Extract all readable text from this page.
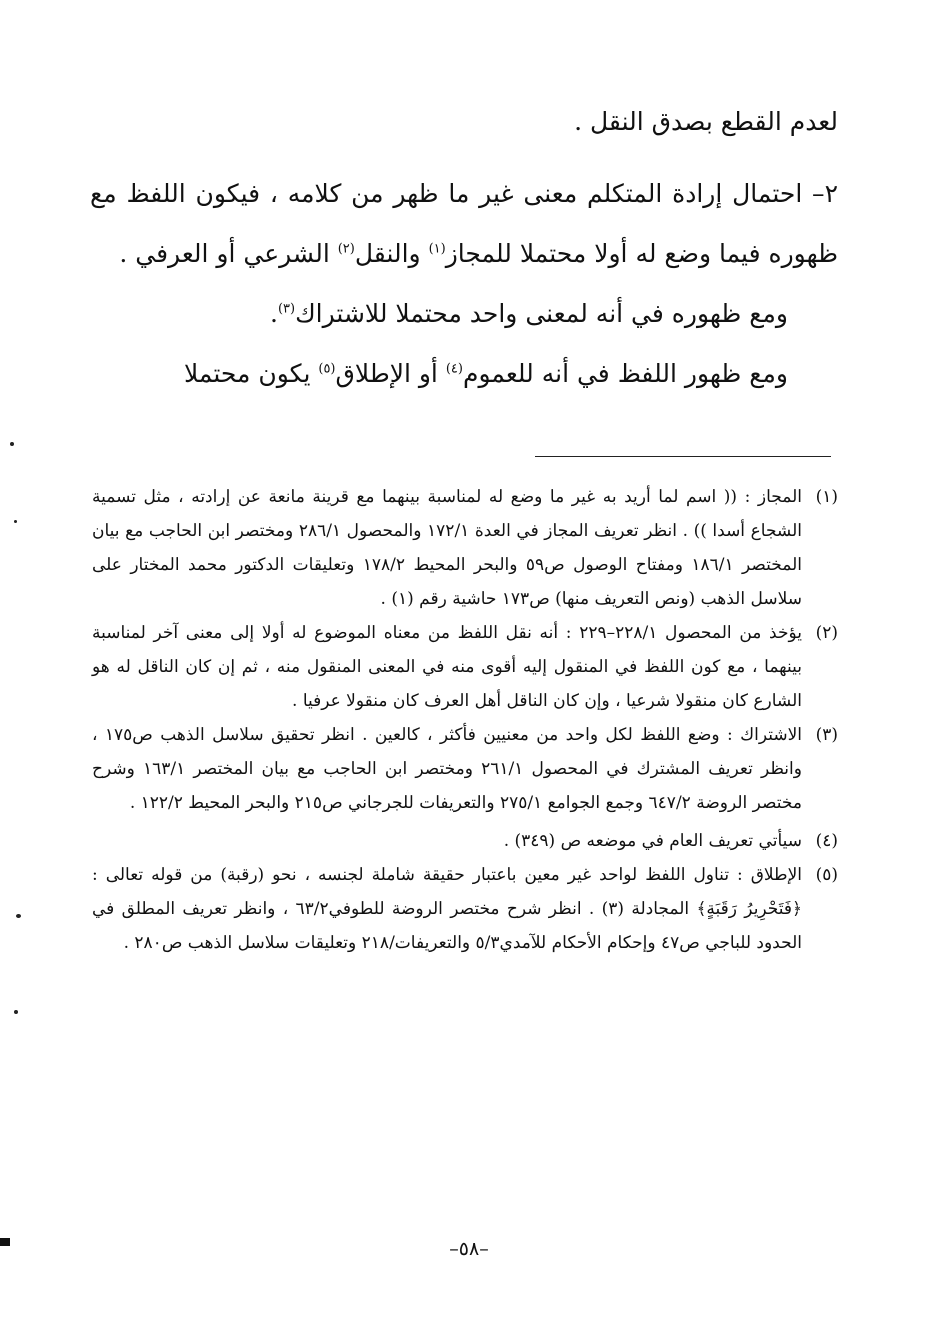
لعدم القطع بصدق النقل .

٢– احتمال إرادة المتكلم معنى غير ما ظهر من كلامه ، فيكون اللفظ مع ظهوره فيما وضع له أولا محتملا للمجاز$^{(١)}$ والنقل$^{(٢)}$ الشرعي أو العرفي .

ومع ظهوره في أنه لمعنى واحد محتملا للاشتراك$^{(٣)}$.

ومع ظهور اللفظ في أنه للعموم$^{(٤)}$ أو الإطلاق$^{(٥)}$ يكون محتملا

(١)
المجاز : (( اسم لما أريد به غير ما وضع له لمناسبة بينهما مع قرينة مانعة عن إرادته ، مثل تسمية الشجاع أسدا )) . انظر تعريف المجاز في العدة ١٧٢/١ والمحصول ٢٨٦/١ ومختصر ابن الحاجب مع بيان المختصر ١٨٦/١ ومفتاح الوصول ص٥٩ والبحر المحيط ١٧٨/٢ وتعليقات الدكتور محمد المختار على سلاسل الذهب (ونص التعريف منها) ص١٧٣ حاشية رقم (١) .

(٢)
يؤخذ من المحصول ٢٢٨/١–٢٢٩ : أنه نقل اللفظ من معناه الموضوع له أولا إلى معنى آخر لمناسبة بينهما ، مع كون اللفظ في المنقول إليه أقوى منه في المعنى المنقول منه ، ثم إن كان الناقل له هو الشارع كان منقولا شرعيا ، وإن كان الناقل أهل العرف كان منقولا عرفيا .

(٣)
الاشتراك : وضع اللفظ لكل واحد من معنيين فأكثر ، كالعين . انظر تحقيق سلاسل الذهب ص١٧٥ ، وانظر تعريف المشترك في المحصول ٢٦١/١ ومختصر ابن الحاجب مع بيان المختصر ١٦٣/١ وشرح مختصر الروضة ٦٤٧/٢ وجمع الجوامع ٢٧٥/١ والتعريفات للجرجاني ص٢١٥ والبحر المحيط ١٢٢/٢ .

(٤)
سيأتي تعريف العام في موضعه ص (٣٤٩) .

(٥)
الإطلاق : تناول اللفظ لواحد غير معين باعتبار حقيقة شاملة لجنسه ، نحو (رقبة) من قوله تعالى : ﴿فَتَحْرِيرُ رَقَبَةٍ﴾ المجادلة (٣) . انظر شرح مختصر الروضة للطوفي٦٣/٢ ، وانظر تعريف المطلق في الحدود للباجي ص٤٧ وإحكام الأحكام للآمدي٥/٣ والتعريفات/٢١٨ وتعليقات سلاسل الذهب ص٢٨٠ .

–٥٨–
